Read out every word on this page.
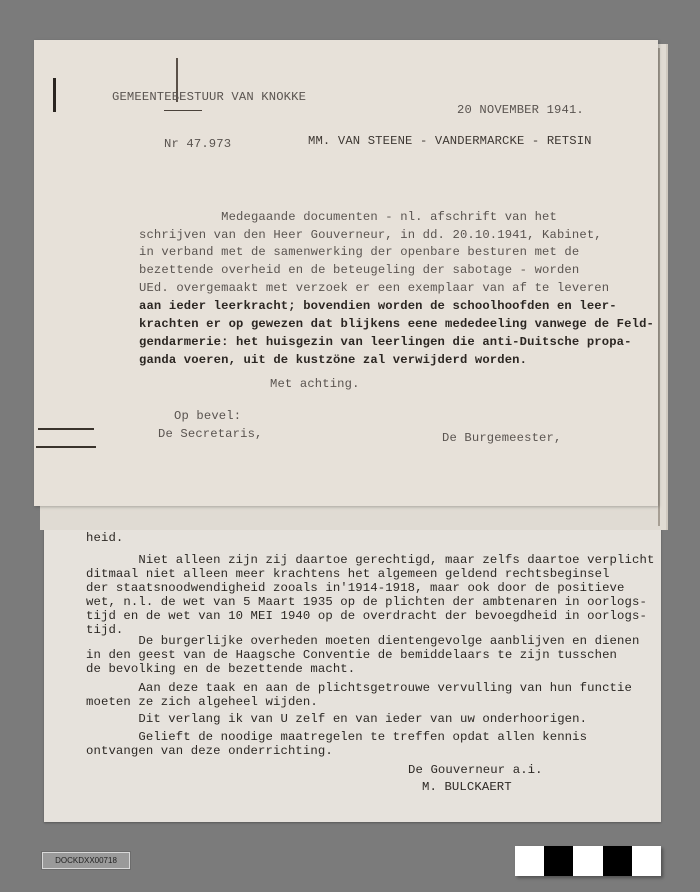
heid.
Niet alleen zijn zij daartoe gerechtigd, maar zelfs daartoe verplicht
ditmaal niet alleen meer krachtens het algemeen geldend rechtsbeginsel
der staatsnoodwendigheid zooals in'1914-1918, maar ook door de positieve
wet, n.l. de wet van 5 Maart 1935 op de plichten der ambtenaren in oorlogs-
tijd en de wet van 10 MEI 1940 op de overdracht der bevoegdheid in oorlogs-
tijd.
De burgerlijke overheden moeten dientengevolge aanblijven en dienen
in den geest van de Haagsche Conventie de bemiddelaars te zijn tusschen
de bevolking en de bezettende macht.
Aan deze taak en aan de plichtsgetrouwe vervulling van hun functie
moeten ze zich algeheel wijden.
Dit verlang ik van U zelf en van ieder van uw onderhoorigen.
Gelieft de noodige maatregelen te treffen opdat allen kennis
ontvangen van deze onderrichting.
De Gouverneur a.i.
M. BULCKAERT
GEMEENTEBESTUUR VAN KNOKKE
20 NOVEMBER 1941.
Nr 47.973	MM. VAN STEENE - VANDERMARCKE - RETSIN
Medegaande documenten - nl. afschrift van het
schrijven van den Heer Gouverneur, in dd. 20.10.1941, Kabinet,
in verband met de samenwerking der openbare besturen met de
bezettende overheid en de beteugeling der sabotage - worden
UEd. overgemaakt met verzoek er een exemplaar van af te leveren
aan ieder leerkracht; bovendien worden de schoolhoofden en leer-
krachten er op gewezen dat blijkens eene mededeeling vanwege de Feld-
gendarmerie: het huisgezin van leerlingen die anti-Duitsche propa-
ganda voeren, uit de kustzöne zal verwijderd worden.
Met achting.
Op bevel:
De Secretaris,	De Burgemeester,
DOCKDXX00718
